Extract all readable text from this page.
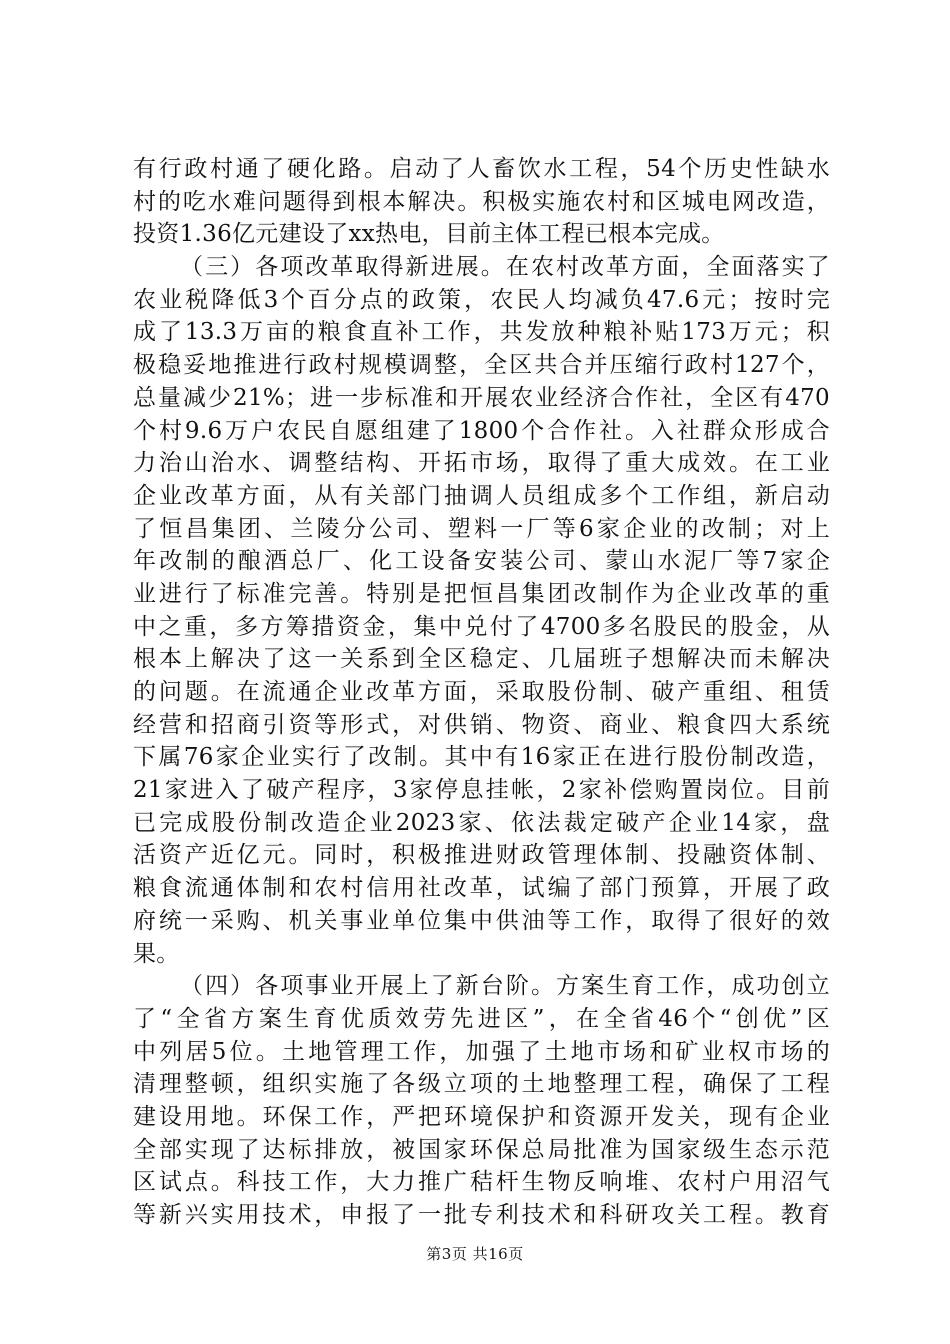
有行政村通了硬化路。启动了人畜饮水工程，54个历史性缺水
村的吃水难问题得到根本解决。积极实施农村和区城电网改造，
投资1.36亿元建设了xx热电，目前主体工程已根本完成。
（三）各项改革取得新进展。在农村改革方面，全面落实了
农业税降低3个百分点的政策，农民人均减负47.6元；按时完
成了13.3万亩的粮食直补工作，共发放种粮补贴173万元；积
极稳妥地推进行政村规模调整，全区共合并压缩行政村127个，
总量减少21%；进一步标准和开展农业经济合作社，全区有470
个村9.6万户农民自愿组建了1800个合作社。入社群众形成合
力治山治水、调整结构、开拓市场，取得了重大成效。在工业
企业改革方面，从有关部门抽调人员组成多个工作组，新启动
了恒昌集团、兰陵分公司、塑料一厂等6家企业的改制；对上
年改制的酿酒总厂、化工设备安装公司、蒙山水泥厂等7家企
业进行了标准完善。特别是把恒昌集团改制作为企业改革的重
中之重，多方筹措资金，集中兑付了4700多名股民的股金，从
根本上解决了这一关系到全区稳定、几届班子想解决而未解决
的问题。在流通企业改革方面，采取股份制、破产重组、租赁
经营和招商引资等形式，对供销、物资、商业、粮食四大系统
下属76家企业实行了改制。其中有16家正在进行股份制改造，
21家进入了破产程序，3家停息挂帐，2家补偿购置岗位。目前
已完成股份制改造企业2023家、依法裁定破产企业14家，盘
活资产近亿元。同时，积极推进财政管理体制、投融资体制、
粮食流通体制和农村信用社改革，试编了部门预算，开展了政
府统一采购、机关事业单位集中供油等工作，取得了很好的效
果。
（四）各项事业开展上了新台阶。方案生育工作，成功创立
了“全省方案生育优质效劳先进区”，在全省46个“创优”区
中列居5位。土地管理工作，加强了土地市场和矿业权市场的
清理整顿，组织实施了各级立项的土地整理工程，确保了工程
建设用地。环保工作，严把环境保护和资源开发关，现有企业
全部实现了达标排放，被国家环保总局批准为国家级生态示范
区试点。科技工作，大力推广秸杆生物反响堆、农村户用沼气
等新兴实用技术，申报了一批专利技术和科研攻关工程。教育
第3页 共16页
